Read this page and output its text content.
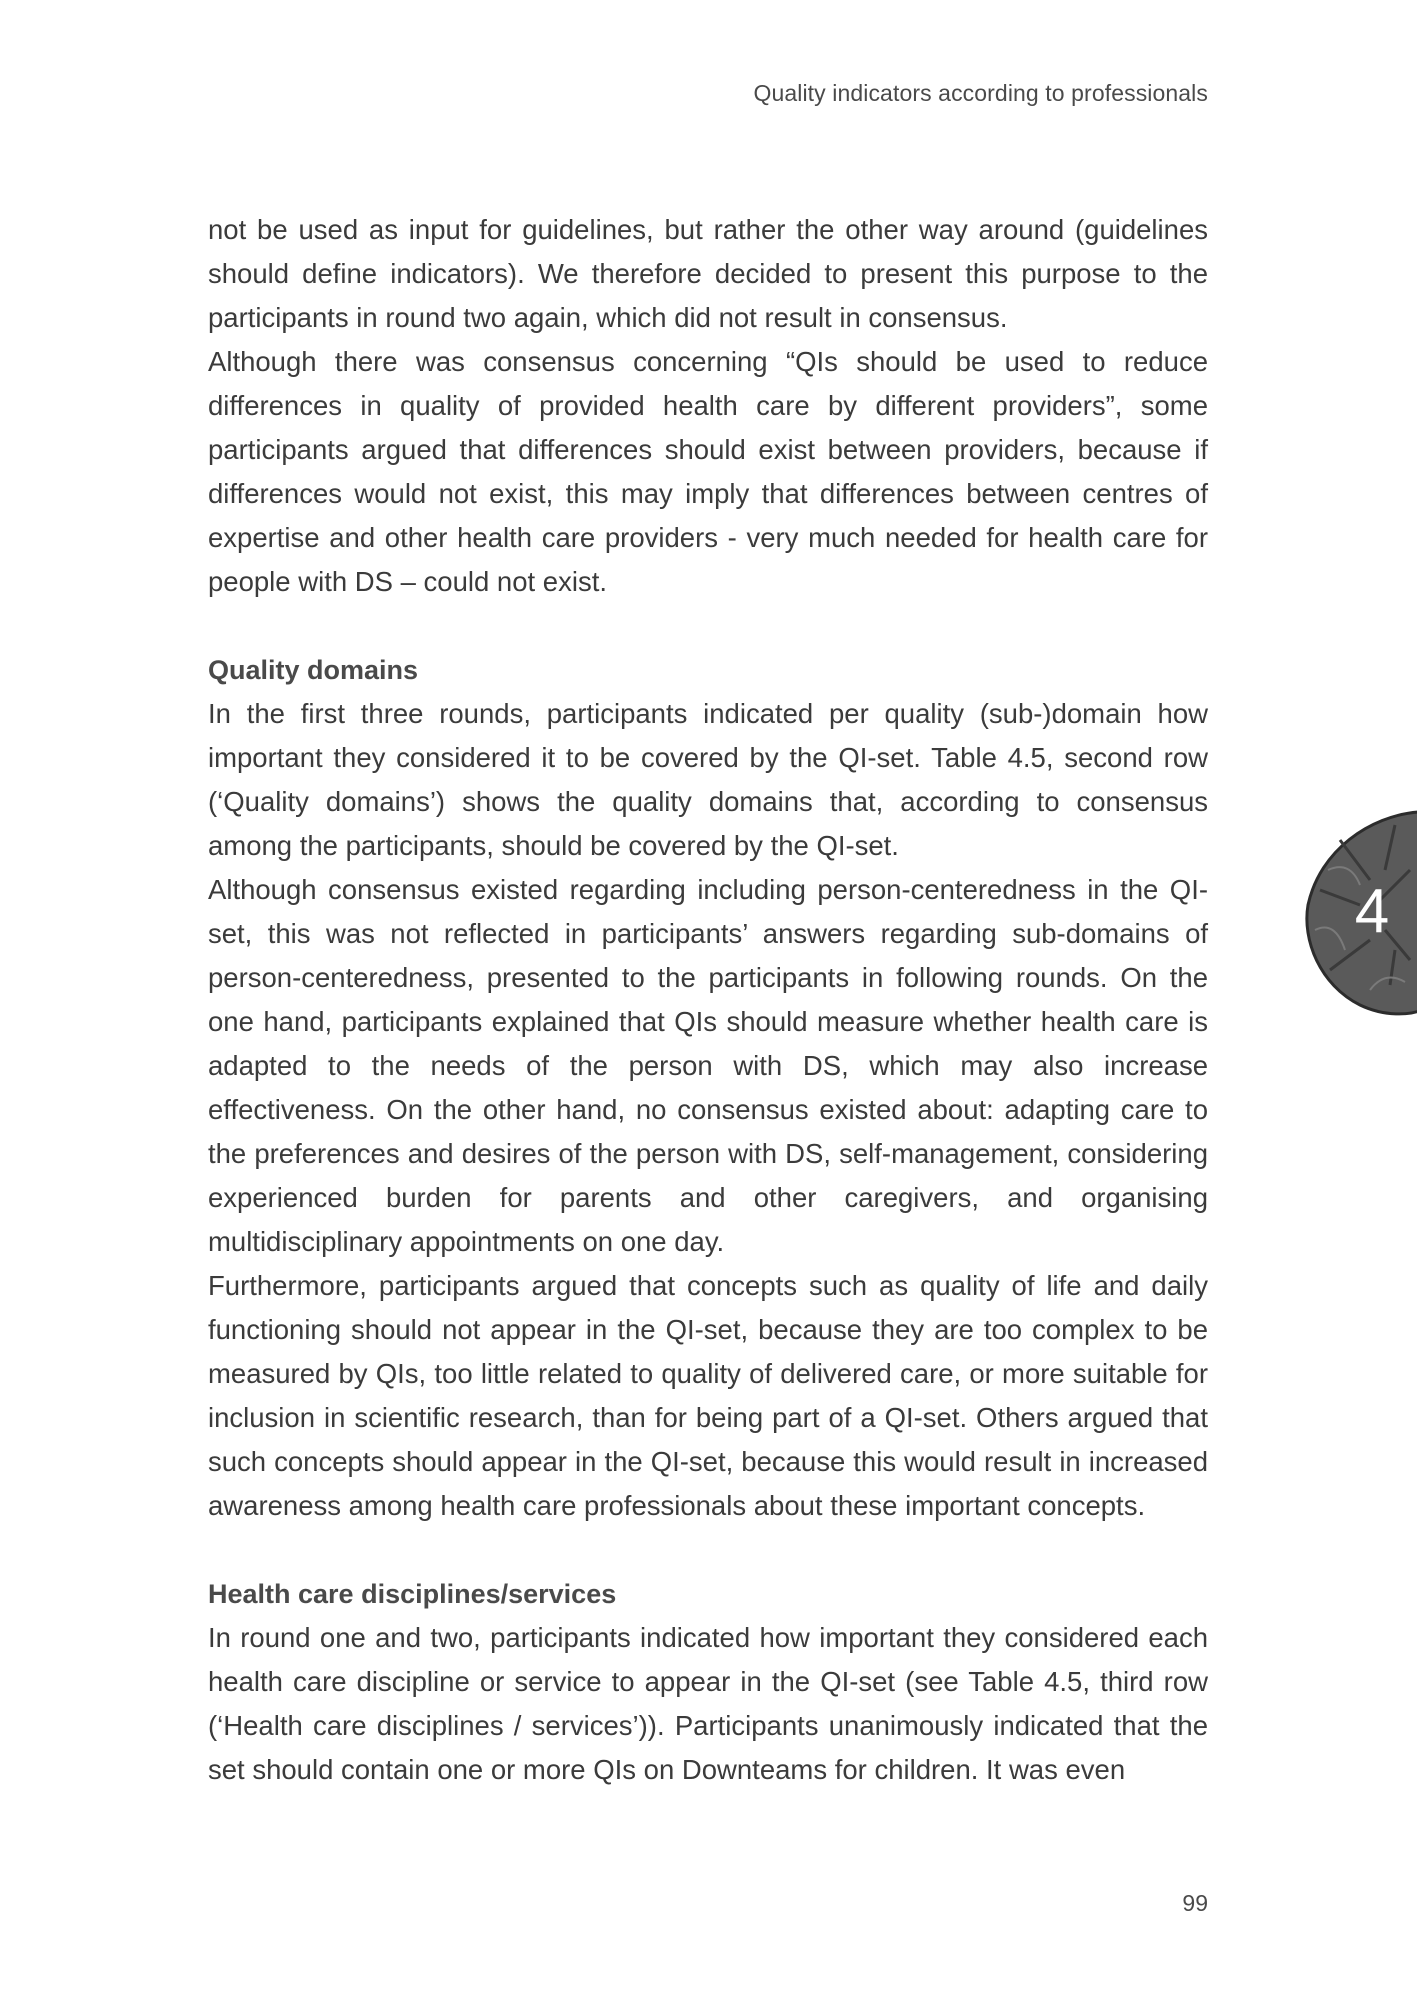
Quality indicators according to professionals
4

not be used as input for guidelines, but rather the other way around (guidelines should define indicators). We therefore decided to present this purpose to the participants in round two again, which did not result in consensus.

Although there was consensus concerning “QIs should be used to reduce differences in quality of provided health care by different providers”, some participants argued that differences should exist between providers, because if differences would not exist, this may imply that differences between centres of expertise and other health care providers - very much needed for health care for people with DS – could not exist.

Quality domains

In the first three rounds, participants indicated per quality (sub-)domain how important they considered it to be covered by the QI-set. Table 4.5, second row (‘Quality domains’) shows the quality domains that, according to consensus among the participants, should be covered by the QI-set.

Although consensus existed regarding including person-centeredness in the QI-set, this was not reflected in participants’ answers regarding sub-domains of person-centeredness, presented to the participants in following rounds. On the one hand, participants explained that QIs should measure whether health care is adapted to the needs of the person with DS, which may also increase effectiveness. On the other hand, no consensus existed about: adapting care to the preferences and desires of the person with DS, self-management, considering experienced burden for parents and other caregivers, and organising multidisciplinary appointments on one day.

Furthermore, participants argued that concepts such as quality of life and daily functioning should not appear in the QI-set, because they are too complex to be measured by QIs, too little related to quality of delivered care, or more suitable for inclusion in scientific research, than for being part of a QI-set. Others argued that such concepts should appear in the QI-set, because this would result in increased awareness among health care professionals about these important concepts.

Health care disciplines/services

In round one and two, participants indicated how important they considered each health care discipline or service to appear in the QI-set (see Table 4.5, third row (‘Health care disciplines / services’)). Participants unanimously indicated that the set should contain one or more QIs on Downteams for children. It was even

99
